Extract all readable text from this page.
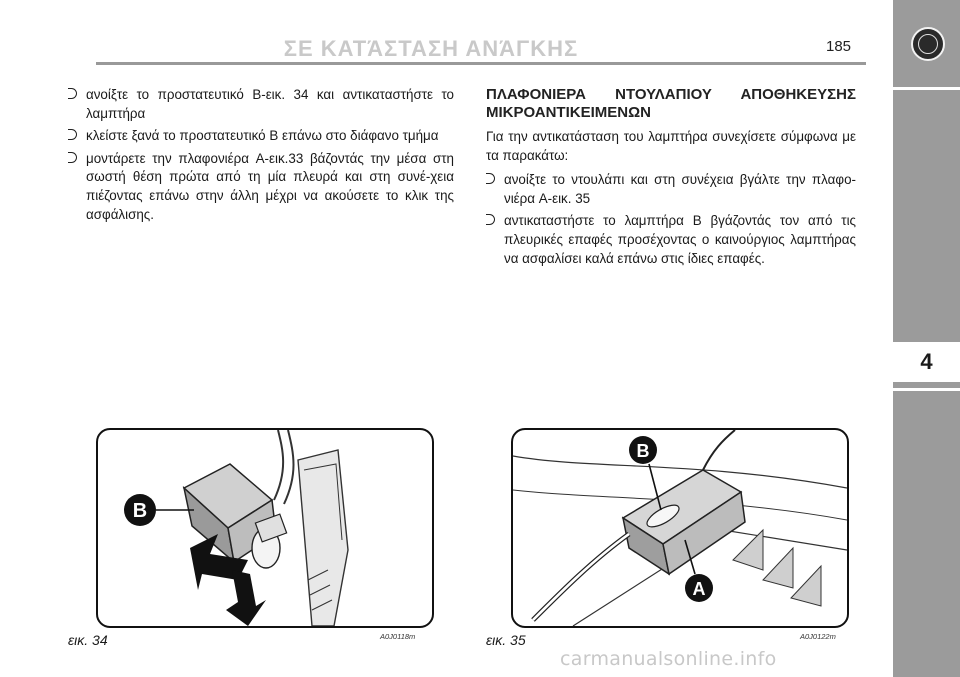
ΣΕ ΚΑΤΆΣΤΑΣΗ ΑΝΆΓΚΗΣ	185
4
ανοίξτε το προστατευτικό B-εικ. 34 και αντικαταστήστε το λαμπτήρα
κλείστε ξανά το προστατευτικό B επάνω στο διάφανο τμήμα
μοντάρετε την πλαφονιέρα A-εικ.33 βάζοντάς την μέσα στη σωστή θέση πρώτα από τη μία πλευρά και στη συνέ-χεια πιέζοντας επάνω στην άλλη μέχρι να ακούσετε το κλικ της ασφάλισης.
ΠΛΑΦΟΝΙΕΡΑ ΝΤΟΥΛΑΠΙΟΥ ΑΠΟΘΗΚΕΥΣΗΣ ΜΙΚΡΟΑΝΤΙΚΕΙΜΕΝΩΝ
Για την αντικατάσταση του λαμπτήρα συνεχίσετε σύμφωνα με τα παρακάτω:
ανοίξτε το ντουλάπι και στη συνέχεια βγάλτε την πλαφο-νιέρα A-εικ. 35
αντικαταστήστε το λαμπτήρα B βγάζοντάς τον από τις πλευρικές επαφές προσέχοντας ο καινούργιος λαμπτήρας να ασφαλίσει καλά επάνω στις ίδιες επαφές.
B
εικ. 34	A0J0118m
B
A
εικ. 35	A0J0122m
carmanualsonline.info
